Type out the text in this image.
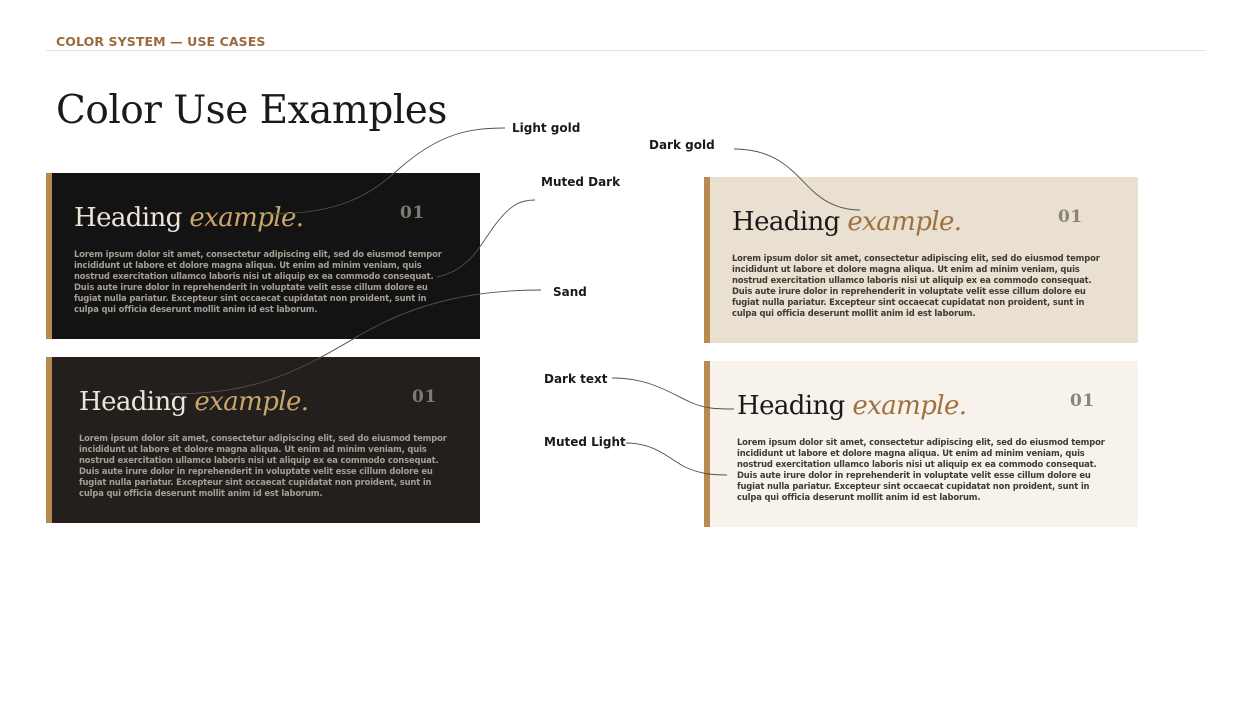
COLOR SYSTEM — USE CASES
Color Use Examples
Heading example.	01

Lorem ipsum dolor sit amet, consectetur adipiscing elit, sed do eiusmod tempor incididunt ut labore et dolore magna aliqua. Ut enim ad minim veniam, quis nostrud exercitation ullamco laboris nisi ut aliquip ex ea commodo consequat. Duis aute irure dolor in reprehenderit in voluptate velit esse cillum dolore eu fugiat nulla pariatur. Excepteur sint occaecat cupidatat non proident, sunt in culpa qui officia deserunt mollit anim id est laborum.

Heading example.	01

Lorem ipsum dolor sit amet, consectetur adipiscing elit, sed do eiusmod tempor incididunt ut labore et dolore magna aliqua. Ut enim ad minim veniam, quis nostrud exercitation ullamco laboris nisi ut aliquip ex ea commodo consequat. Duis aute irure dolor in reprehenderit in voluptate velit esse cillum dolore eu fugiat nulla pariatur. Excepteur sint occaecat cupidatat non proident, sunt in culpa qui officia deserunt mollit anim id est laborum.

Heading example.	01

Lorem ipsum dolor sit amet, consectetur adipiscing elit, sed do eiusmod tempor incididunt ut labore et dolore magna aliqua. Ut enim ad minim veniam, quis nostrud exercitation ullamco laboris nisi ut aliquip ex ea commodo consequat. Duis aute irure dolor in reprehenderit in voluptate velit esse cillum dolore eu fugiat nulla pariatur. Excepteur sint occaecat cupidatat non proident, sunt in culpa qui officia deserunt mollit anim id est laborum.

Heading example.	01

Lorem ipsum dolor sit amet, consectetur adipiscing elit, sed do eiusmod tempor incididunt ut labore et dolore magna aliqua. Ut enim ad minim veniam, quis nostrud exercitation ullamco laboris nisi ut aliquip ex ea commodo consequat. Duis aute irure dolor in reprehenderit in voluptate velit esse cillum dolore eu fugiat nulla pariatur. Excepteur sint occaecat cupidatat non proident, sunt in culpa qui officia deserunt mollit anim id est laborum.

Light gold
Muted Dark
Sand
Dark gold
Dark text
Muted Light
